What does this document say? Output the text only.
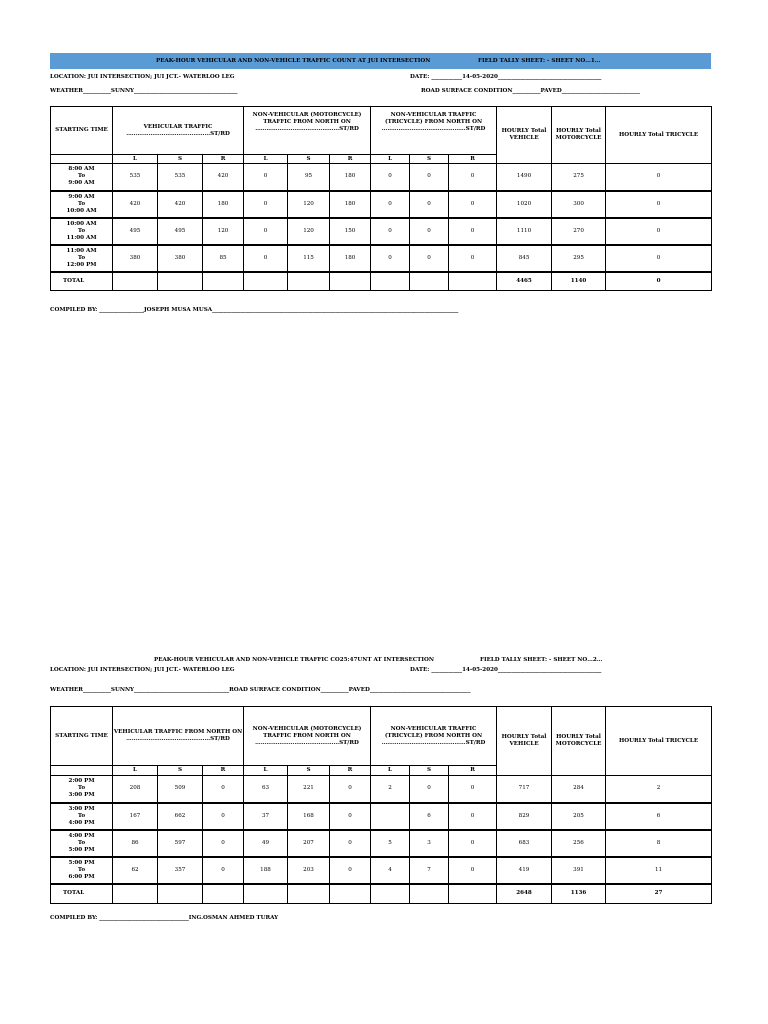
PEAK-HOUR VEHICULAR AND NON-VEHICLE TRAFFIC COUNT AT JUI INTERSECTION	FIELD TALLY SHEET: - SHEET NO…1…
LOCATION: JUI INTERSECTION; JUI JCT.- WATERLOO LEG	DATE: ___________14-05-2020_____________________________________
WEATHER__________SUNNY_____________________________________	ROAD SURFACE CONDITION__________PAVED____________________________
STARTING TIME	VEHICULAR TRAFFIC
………………………………………ST/RD			NON-VEHICULAR (MOTORCYCLE) TRAFFIC FROM NORTH ON
………………………………………ST/RD			NON-VEHICULAR TRAFFIC (TRICYCLE) FROM NORTH ON
………………………………………ST/RD			HOURLY Total VEHICLE	HOURLY Total MOTORCYCLE	HOURLY Total TRICYCLE
	L	S	R	L	S	R	L	S	R			
8:00 AM
To
9:00 AM	535	535	420	0	95	180	0	0	0	1490	275	0
9:00 AM
To
10:00 AM	420	420	180	0	120	180	0	0	0	1020	300	0
10:00 AM
To
11:00 AM	495	495	120	0	120	150	0	0	0	1110	270	0
11:00 AM
To
12:00 PM	380	380	85	0	115	180	0	0	0	845	295	0
TOTAL										4465	1140	0
PEAK-HOUR VEHICULAR AND NON-VEHICLE TRAFFIC CO25:47UNT AT INTERSECTION	FIELD TALLY SHEET: - SHEET NO…2…
LOCATION: JUI INTERSECTION; JUI JCT.- WATERLOO LEG	DATE: ___________14-05-2020_____________________________________
WEATHER__________SUNNY__________________________________ROAD SURFACE CONDITION__________PAVED____________________________________
STARTING TIME	VEHICULAR TRAFFIC FROM NORTH ON
………………………………………ST/RD			NON-VEHICULAR (MOTORCYCLE) TRAFFIC FROM NORTH ON
………………………………………ST/RD			NON-VEHICULAR TRAFFIC (TRICYCLE) FROM NORTH ON
………………………………………ST/RD			HOURLY Total VEHICLE	HOURLY Total MOTORCYCLE	HOURLY Total TRICYCLE
	L	S	R	L	S	R	L	S	R			
2:00 PM
To
3:00 PM	208	509	0	63	221	0	2	0	0	717	284	2
3:00 PM
To
4:00 PM	167	662	0	37	168	0		6	0	829	205	6
4:00 PM
To
5:00 PM	86	597	0	49	207	0	5	3	0	683	256	8
5:00 PM
To
6:00 PM	62	357	0	188	203	0	4	7	0	419	391	11
TOTAL										2648	1136	27
COMPILED BY: ________________JOSEPH MUSA MUSA________________________________________________________________________________________
COMPILED BY: ________________________________ING.OSMAN AHMED TURAY
